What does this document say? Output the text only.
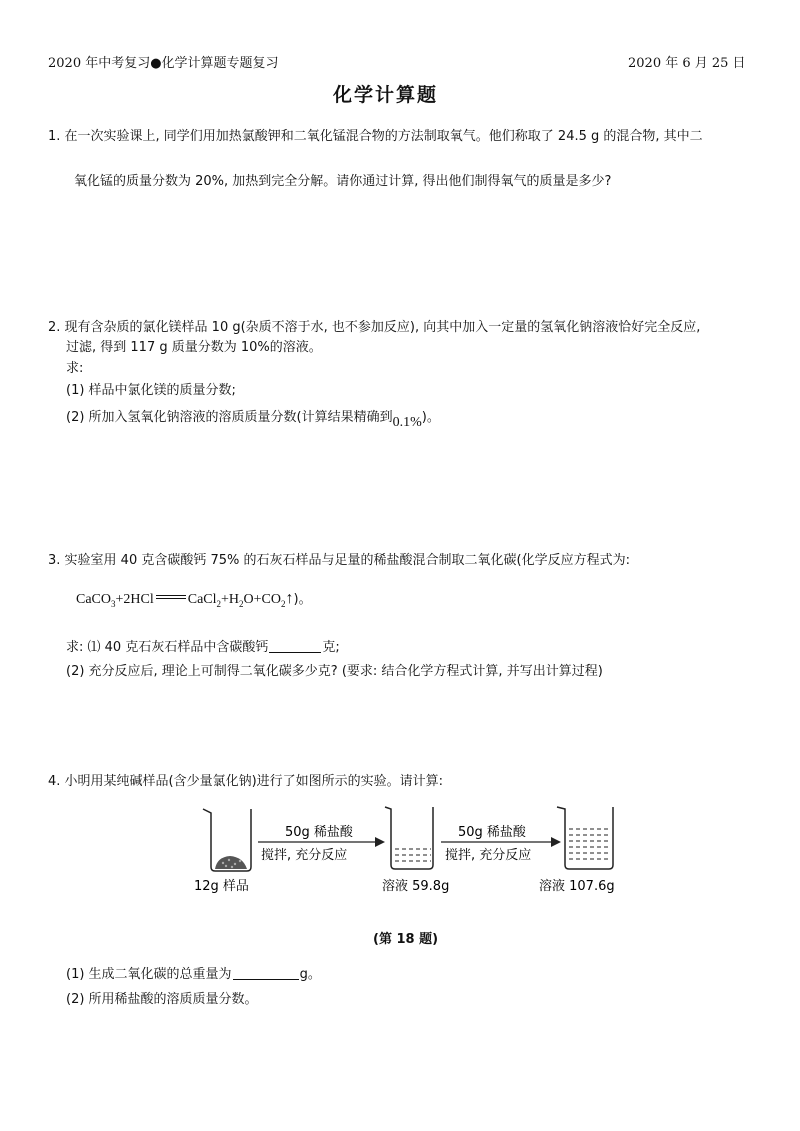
2020 年中考复习●化学计算题专题复习	2020 年 6 月 25 日
化学计算题
1. 在一次实验课上, 同学们用加热氯酸钾和二氧化锰混合物的方法制取氧气。他们称取了 24.5 g 的混合物, 其中二
氧化锰的质量分数为 20%, 加热到完全分解。请你通过计算, 得出他们制得氧气的质量是多少?
2. 现有含杂质的氯化镁样品 10 g(杂质不溶于水, 也不参加反应), 向其中加入一定量的氢氧化钠溶液恰好完全反应,
过滤, 得到 117 g 质量分数为 10%的溶液。
求:
(1) 样品中氯化镁的质量分数;
(2) 所加入氢氧化钠溶液的溶质质量分数(计算结果精确到0.1%)。
3. 实验室用 40 克含碳酸钙 75% 的石灰石样品与足量的稀盐酸混合制取二氧化碳(化学反应方程式为:
CaCO$_3$+2HCl $CaCl_2+H_2O+CO_2↑$)。
求: ⑴ 40 克石灰石样品中含碳酸钙	克;
(2) 充分反应后, 理论上可制得二氧化碳多少克? (要求: 结合化学方程式计算, 并写出计算过程)
4. 小明用某纯碱样品(含少量氯化钠)进行了如图所示的实验。请计算:
50g 稀盐酸
搅拌, 充分反应
50g 稀盐酸
搅拌, 充分反应
12g 样品	溶液 59.8g	溶液 107.6g
(第 18 题)
(1) 生成二氧化碳的总重量为	g。
(2) 所用稀盐酸的溶质质量分数。
